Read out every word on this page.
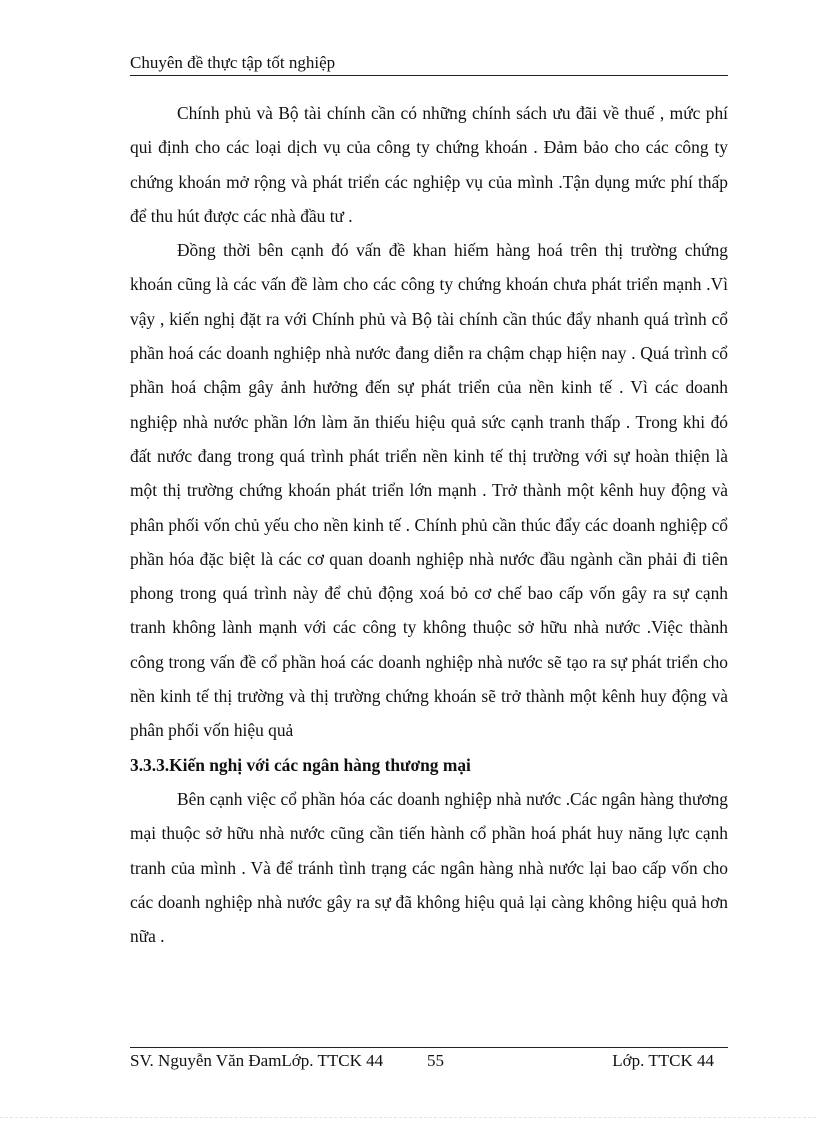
Chuyên đề thực tập tốt nghiệp

Chính phủ và Bộ tài chính cần có những chính sách ưu đãi về thuế , mức phí qui định cho các loại dịch vụ của công ty chứng khoán . Đảm bảo cho các công ty chứng khoán mở rộng và phát triển các nghiệp vụ của mình .Tận dụng mức phí thấp để thu hút được các nhà đầu tư .

Đồng thời bên cạnh đó vấn đề khan hiếm hàng hoá trên thị trường chứng khoán cũng là các vấn đề làm cho các công ty chứng khoán chưa phát triển mạnh .Vì vậy , kiến nghị đặt ra với Chính phủ và Bộ tài chính cần thúc đẩy nhanh quá trình cổ phần hoá các doanh nghiệp nhà nước đang diễn ra chậm chạp hiện nay . Quá trình cổ phần hoá chậm gây ảnh hưởng đến sự phát triển của nền kinh tế . Vì các doanh nghiệp nhà nước phần lớn làm ăn thiếu hiệu quả sức cạnh tranh thấp . Trong khi đó đất nước đang trong quá trình phát triển nền kinh tế thị trường với sự hoàn thiện là một thị trường chứng khoán phát triển lớn mạnh . Trở thành một kênh huy động và phân phối vốn chủ yếu cho nền kinh tế . Chính phủ cần thúc đẩy các doanh nghiệp cổ phần hóa đặc biệt là các cơ quan doanh nghiệp nhà nước đầu ngành cần phải đi tiên phong trong quá trình này để chủ động xoá bỏ cơ chế bao cấp vốn gây ra sự cạnh tranh không lành mạnh với các công ty không thuộc sở hữu nhà nước .Việc thành công trong vấn đề cổ phần hoá các doanh nghiệp nhà nước sẽ tạo ra sự phát triển cho nền kinh tế thị trường và thị trường chứng khoán sẽ trở thành một kênh huy động và phân phối vốn hiệu quả

3.3.3.Kiến nghị với các ngân hàng thương mại

Bên cạnh việc cổ phần hóa các doanh nghiệp nhà nước .Các ngân hàng thương mại thuộc sở hữu nhà nước cũng cần tiến hành cổ phần hoá phát huy năng lực cạnh tranh của mình . Và để tránh tình trạng các ngân hàng nhà nước lại bao cấp vốn cho các doanh nghiệp nhà nước gây ra sự đã không hiệu quả lại càng không hiệu quả hơn nữa .

SV. Nguyễn Văn ĐamLớp. TTCK 44	55	Lớp. TTCK 44
